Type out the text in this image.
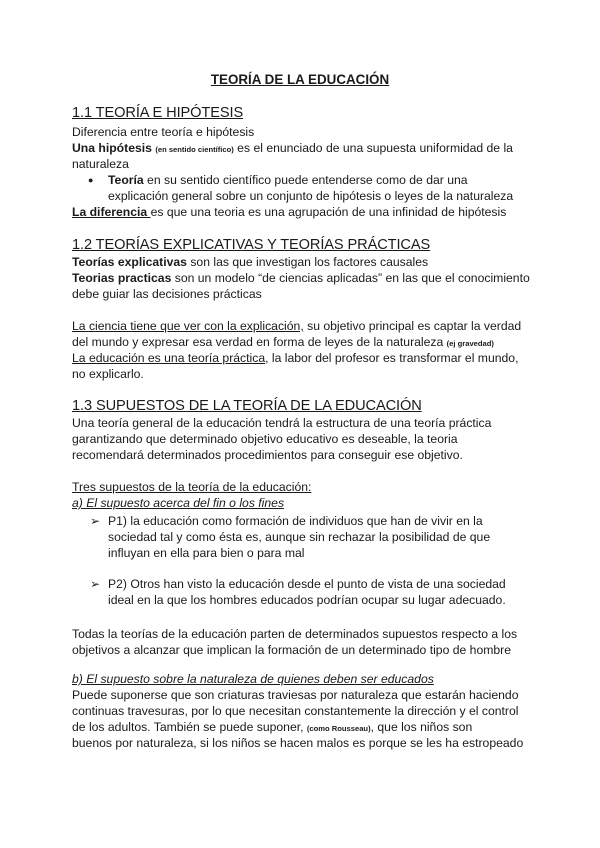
TEORÍA DE LA EDUCACIÓN

1.1 TEORÍA E HIPÓTESIS

Diferencia entre teoría e hipótesis

Una hipótesis (en sentido científico) es el enunciado de una supuesta uniformidad de la

naturaleza

● Teoría en su sentido científico puede entenderse como de dar una

explicación general sobre un conjunto de hipótesis o leyes de la naturaleza

La diferencia es que una teoria es una agrupación de una infinidad de hipótesis

1.2 TEORÍAS EXPLICATIVAS Y TEORÍAS PRÁCTICAS

Teorías explicativas son las que investigan los factores causales

Teorias practicas son un modelo “de ciencias aplicadas” en las que el conocimiento

debe guiar las decisiones prácticas

La ciencia tiene que ver con la explicación, su objetivo principal es captar la verdad

del mundo y expresar esa verdad en forma de leyes de la naturaleza (ej gravedad)

La educación es una teoría práctica, la labor del profesor es transformar el mundo,

no explicarlo.

1.3 SUPUESTOS DE LA TEORÍA DE LA EDUCACIÓN

Una teoría general de la educación tendrá la estructura de una teoría práctica

garantizando que determinado objetivo educativo es deseable, la teoria

recomendará determinados procedimientos para conseguir ese objetivo.

Tres supuestos de la teoría de la educación:

a) El supuesto acerca del fin o los fines

➢ P1) la educación como formación de individuos que han de vivir en la

sociedad tal y como ésta es, aunque sin rechazar la posibilidad de que

influyan en ella para bien o para mal

➢ P2) Otros han visto la educación desde el punto de vista de una sociedad

ideal en la que los hombres educados podrían ocupar su lugar adecuado.

Todas la teorías de la educación parten de determinados supuestos respecto a los

objetivos a alcanzar que implican la formación de un determinado tipo de hombre

b) El supuesto sobre la naturaleza de quienes deben ser educados

Puede suponerse que son criaturas traviesas por naturaleza que estarán haciendo

continuas travesuras, por lo que necesitan constantemente la dirección y el control

de los adultos. También se puede suponer, (como Rousseau), que los niños son

buenos por naturaleza, si los niños se hacen malos es porque se les ha estropeado
